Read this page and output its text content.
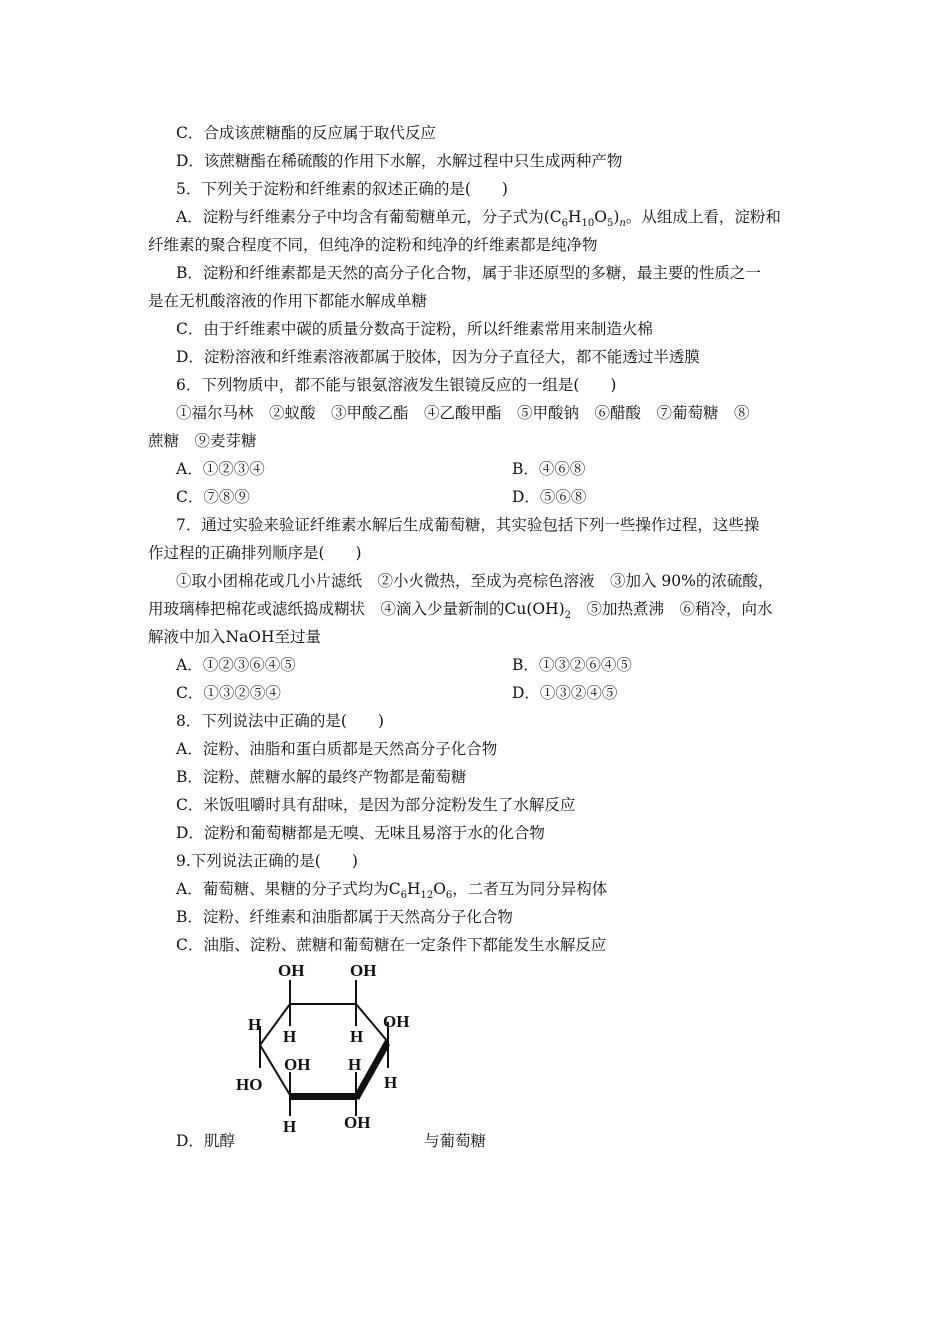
C．合成该蔗糖酯的反应属于取代反应
D．该蔗糖酯在稀硫酸的作用下水解，水解过程中只生成两种产物
5．下列关于淀粉和纤维素的叙述正确的是(　　)
A．淀粉与纤维素分子中均含有葡萄糖单元，分子式为$(C_6H_{10}O_5)_n$。从组成上看，淀粉和
纤维素的聚合程度不同，但纯净的淀粉和纯净的纤维素都是纯净物
B．淀粉和纤维素都是天然的高分子化合物，属于非还原型的多糖，最主要的性质之一
是在无机酸溶液的作用下都能水解成单糖
C．由于纤维素中碳的质量分数高于淀粉，所以纤维素常用来制造火棉
D．淀粉溶液和纤维素溶液都属于胶体，因为分子直径大，都不能透过半透膜
6．下列物质中，都不能与银氨溶液发生银镜反应的一组是(　　)
①福尔马林　②蚁酸　③甲酸乙酯　④乙酸甲酯　⑤甲酸钠　⑥醋酸　⑦葡萄糖　⑧
蔗糖　⑨麦芽糖
A．①②③④	B．④⑥⑧
C．⑦⑧⑨	D．⑤⑥⑧
7．通过实验来验证纤维素水解后生成葡萄糖，其实验包括下列一些操作过程，这些操
作过程的正确排列顺序是(　　)
①取小团棉花或几小片滤纸　②小火微热，至成为亮棕色溶液　③加入 90%的浓硫酸，
用玻璃棒把棉花或滤纸捣成糊状　④滴入少量新制的$Cu(OH)_2$　⑤加热煮沸　⑥稍冷，向水
解液中加入NaOH至过量
A．①②③⑥④⑤	B．①③②⑥④⑤
C．①③②⑤④	D．①③②④⑤
8．下列说法中正确的是(　　)
A．淀粉、油脂和蛋白质都是天然高分子化合物
B．淀粉、蔗糖水解的最终产物都是葡萄糖
C．米饭咀嚼时具有甜味，是因为部分淀粉发生了水解反应
D．淀粉和葡萄糖都是无嗅、无味且易溶于水的化合物
9.下列说法正确的是(　　)
A．葡萄糖、果糖的分子式均为$C_6H_{12}O_6$，二者互为同分异构体
B．淀粉、纤维素和油脂都属于天然高分子化合物
C．油脂、淀粉、蔗糖和葡萄糖在一定条件下都能发生水解反应
OH	OH
H	H
H	OH
HO
OH H
H
H	OH
D．肌醇	与葡萄糖
